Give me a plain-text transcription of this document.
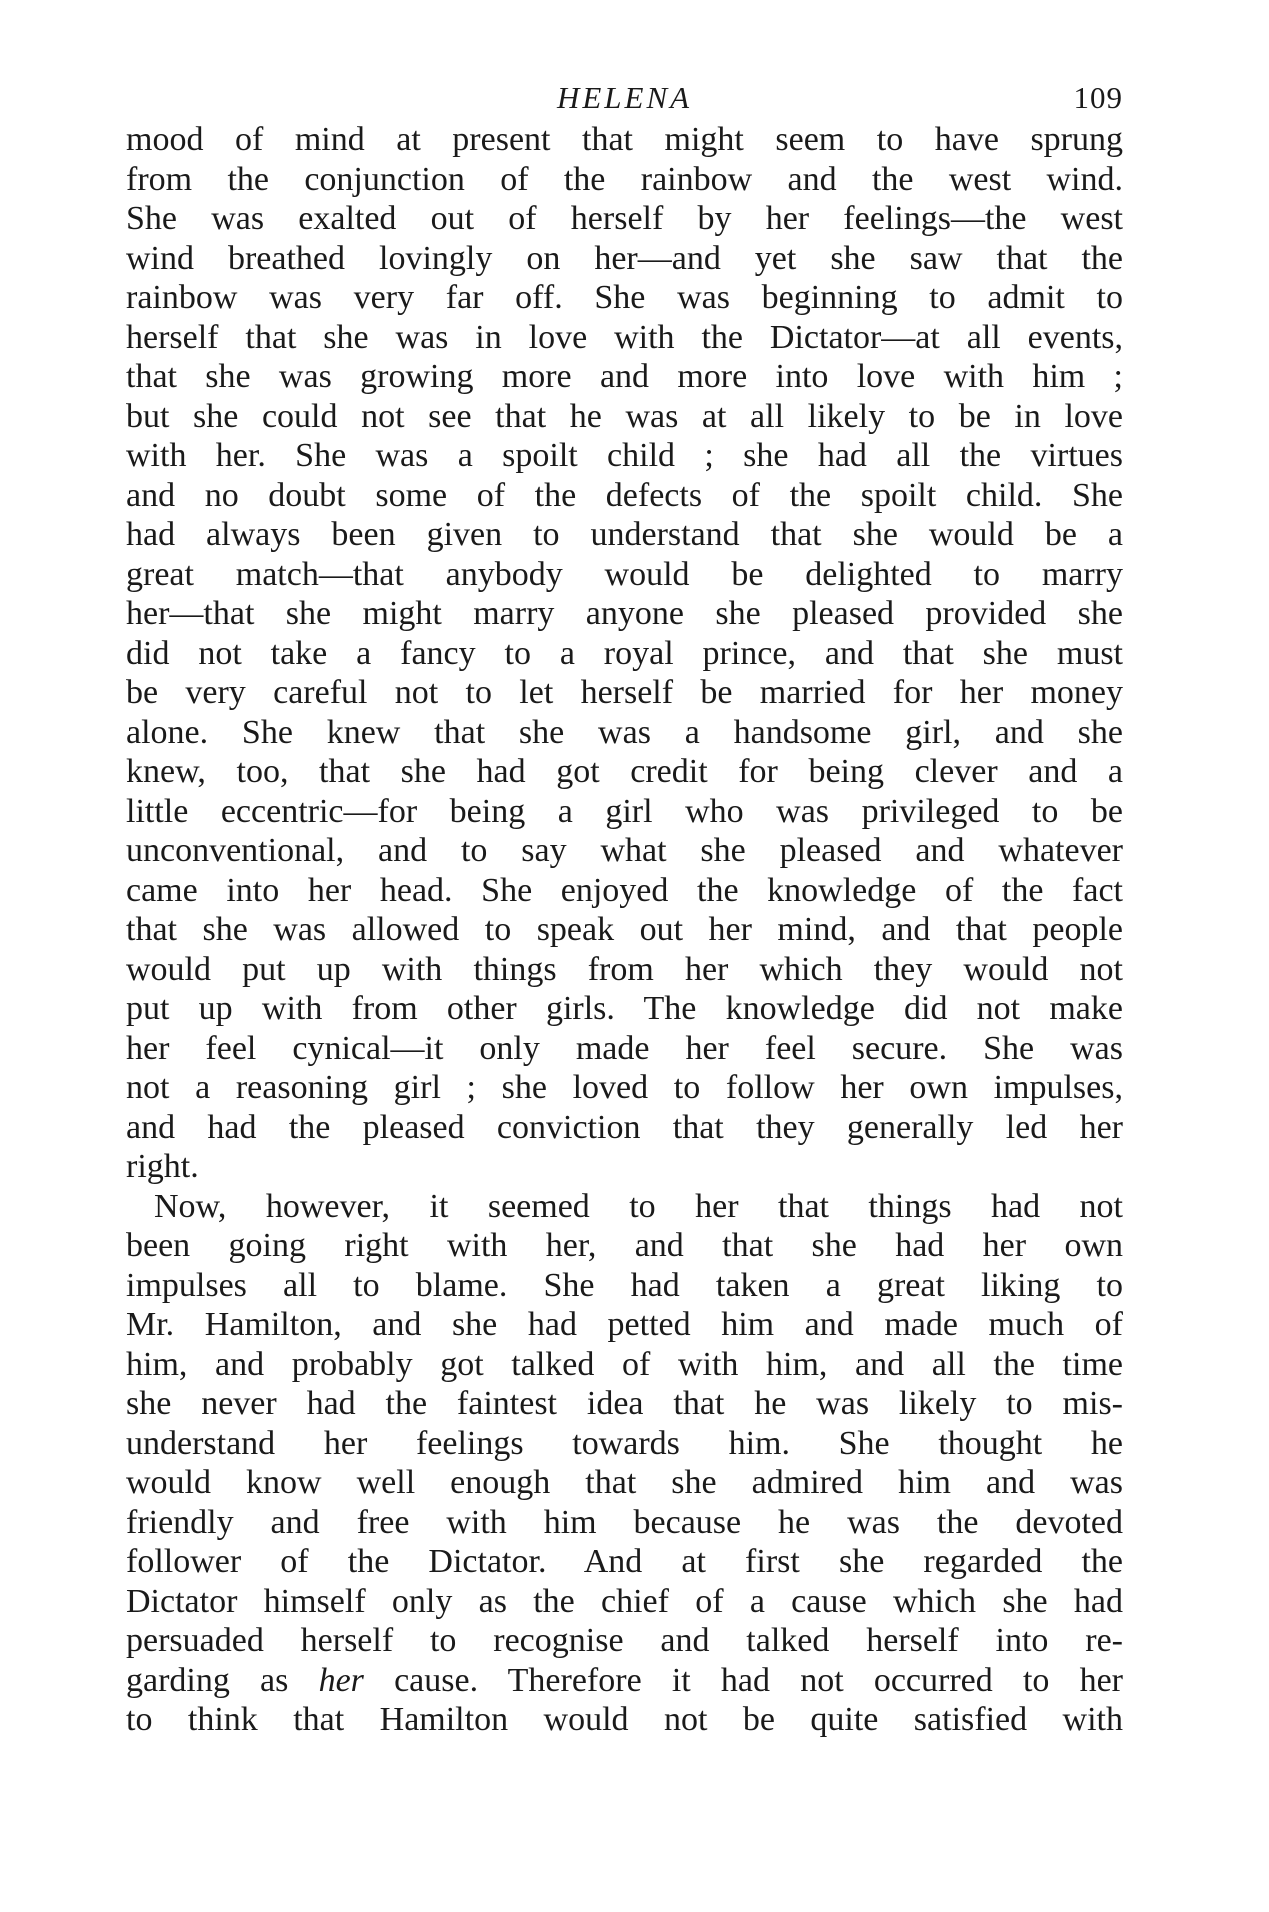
HELENA	109
mood of mind at present that might seem to have sprung
from the conjunction of the rainbow and the west wind.
She was exalted out of herself by her feelings—the west
wind breathed lovingly on her—and yet she saw that the
rainbow was very far off. She was beginning to admit to
herself that she was in love with the Dictator—at all events,
that she was growing more and more into love with him ;
but she could not see that he was at all likely to be in love
with her. She was a spoilt child ; she had all the virtues
and no doubt some of the defects of the spoilt child. She
had always been given to understand that she would be a
great match—that anybody would be delighted to marry
her—that she might marry anyone she pleased provided she
did not take a fancy to a royal prince, and that she must
be very careful not to let herself be married for her money
alone. She knew that she was a handsome girl, and she
knew, too, that she had got credit for being clever and a
little eccentric—for being a girl who was privileged to be
unconventional, and to say what she pleased and whatever
came into her head. She enjoyed the knowledge of the fact
that she was allowed to speak out her mind, and that people
would put up with things from her which they would not
put up with from other girls. The knowledge did not make
her feel cynical—it only made her feel secure. She was
not a reasoning girl ; she loved to follow her own impulses,
and had the pleased conviction that they generally led her
right.
Now, however, it seemed to her that things had not
been going right with her, and that she had her own
impulses all to blame. She had taken a great liking to
Mr. Hamilton, and she had petted him and made much of
him, and probably got talked of with him, and all the time
she never had the faintest idea that he was likely to mis-
understand her feelings towards him. She thought he
would know well enough that she admired him and was
friendly and free with him because he was the devoted
follower of the Dictator. And at first she regarded the
Dictator himself only as the chief of a cause which she had
persuaded herself to recognise and talked herself into re-
garding as her cause. Therefore it had not occurred to her
to think that Hamilton would not be quite satisfied with
